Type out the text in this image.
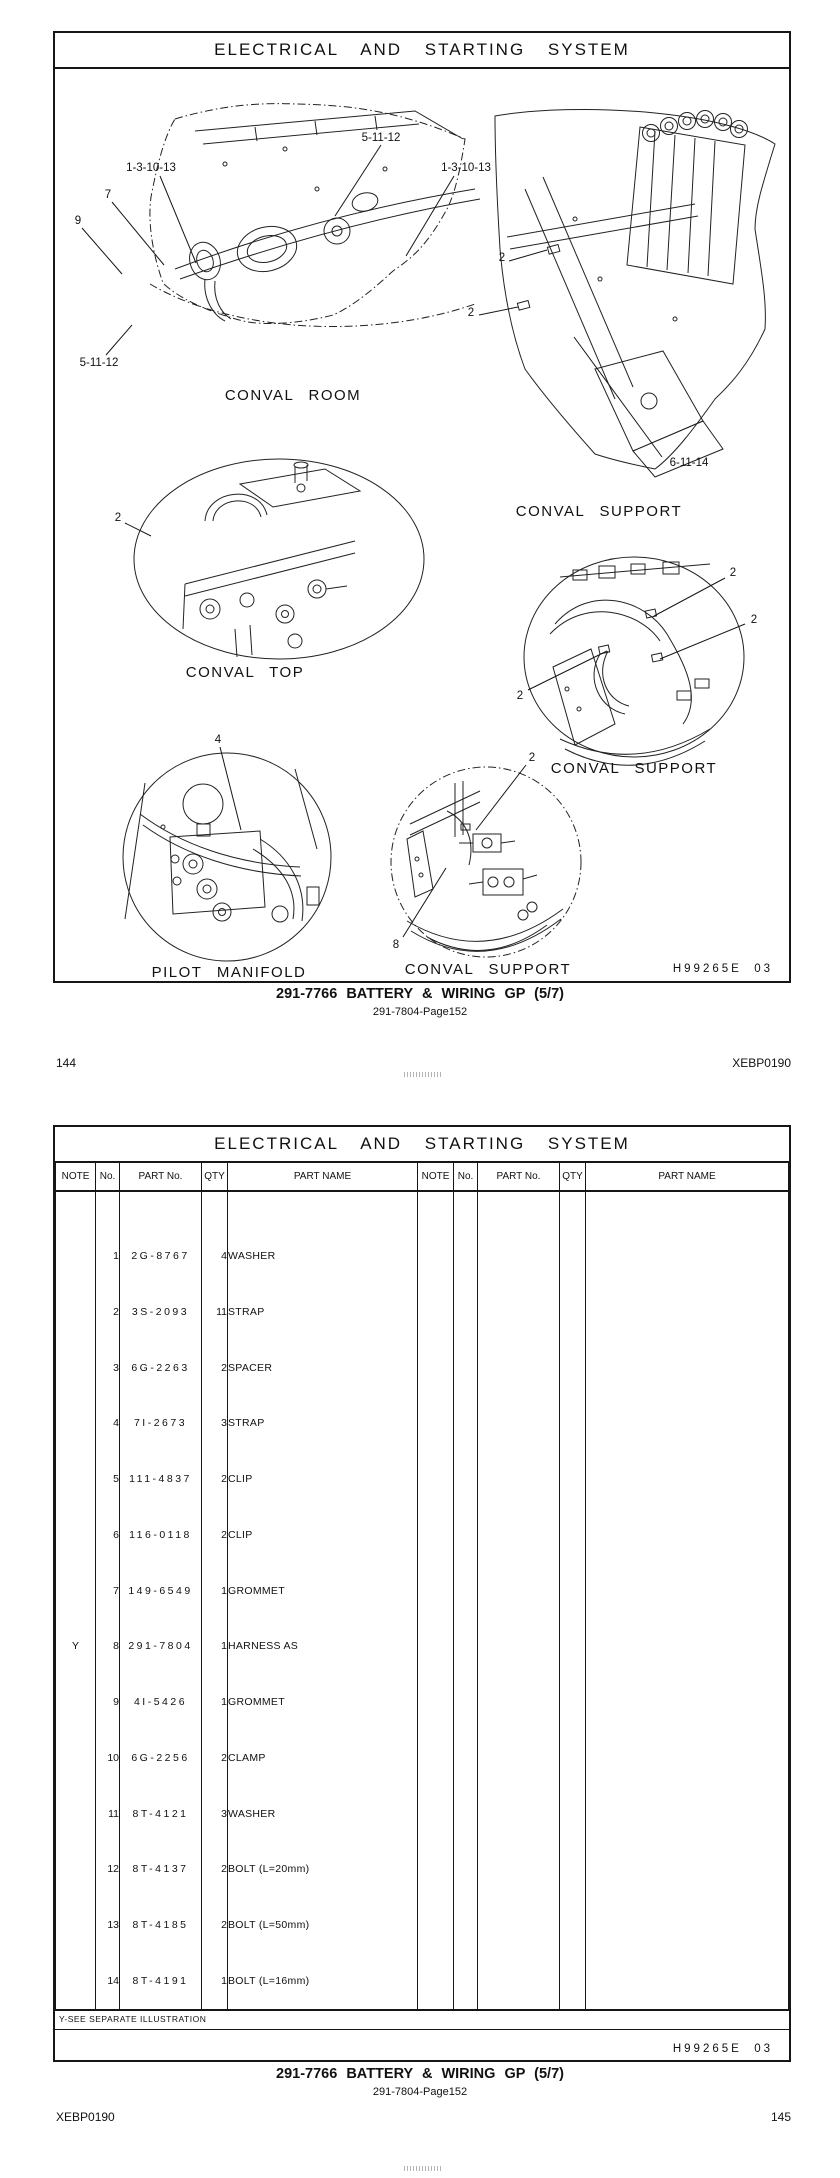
ELECTRICAL AND STARTING SYSTEM
5-11-12
1-3-10-13	1-3-10-13
7
9
5-11-12
CONVAL ROOM
2
2
6-11-14
CONVAL SUPPORT
2
CONVAL TOP
2
2
2
CONVAL SUPPORT
4
PILOT MANIFOLD
2
8
CONVAL SUPPORT	H99265E  03
291-7766 BATTERY & WIRING GP (5/7)
291-7804-Page152
144	XEBP0190
ELECTRICAL AND STARTING SYSTEM
NOTE	No.	PART No.	QTY	PART NAME	NOTE	No.	PART No.	QTY	PART NAME

	1	2G-8767	4	WASHER					
	2	3S-2093	11	STRAP					
	3	6G-2263	2	SPACER					
	4	7I-2673	3	STRAP					
	5	111-4837	2	CLIP					
	6	116-0118	2	CLIP					
	7	149-6549	1	GROMMET					
Y	8	291-7804	1	HARNESS AS					
	9	4I-5426	1	GROMMET					
	10	6G-2256	2	CLAMP					
	11	8T-4121	3	WASHER					
	12	8T-4137	2	BOLT (L=20mm)					
	13	8T-4185	2	BOLT (L=50mm)					
	14	8T-4191	1	BOLT (L=16mm)					

Y-SEE SEPARATE ILLUSTRATION
H99265E  03
291-7766 BATTERY & WIRING GP (5/7)
291-7804-Page152
XEBP0190	145
